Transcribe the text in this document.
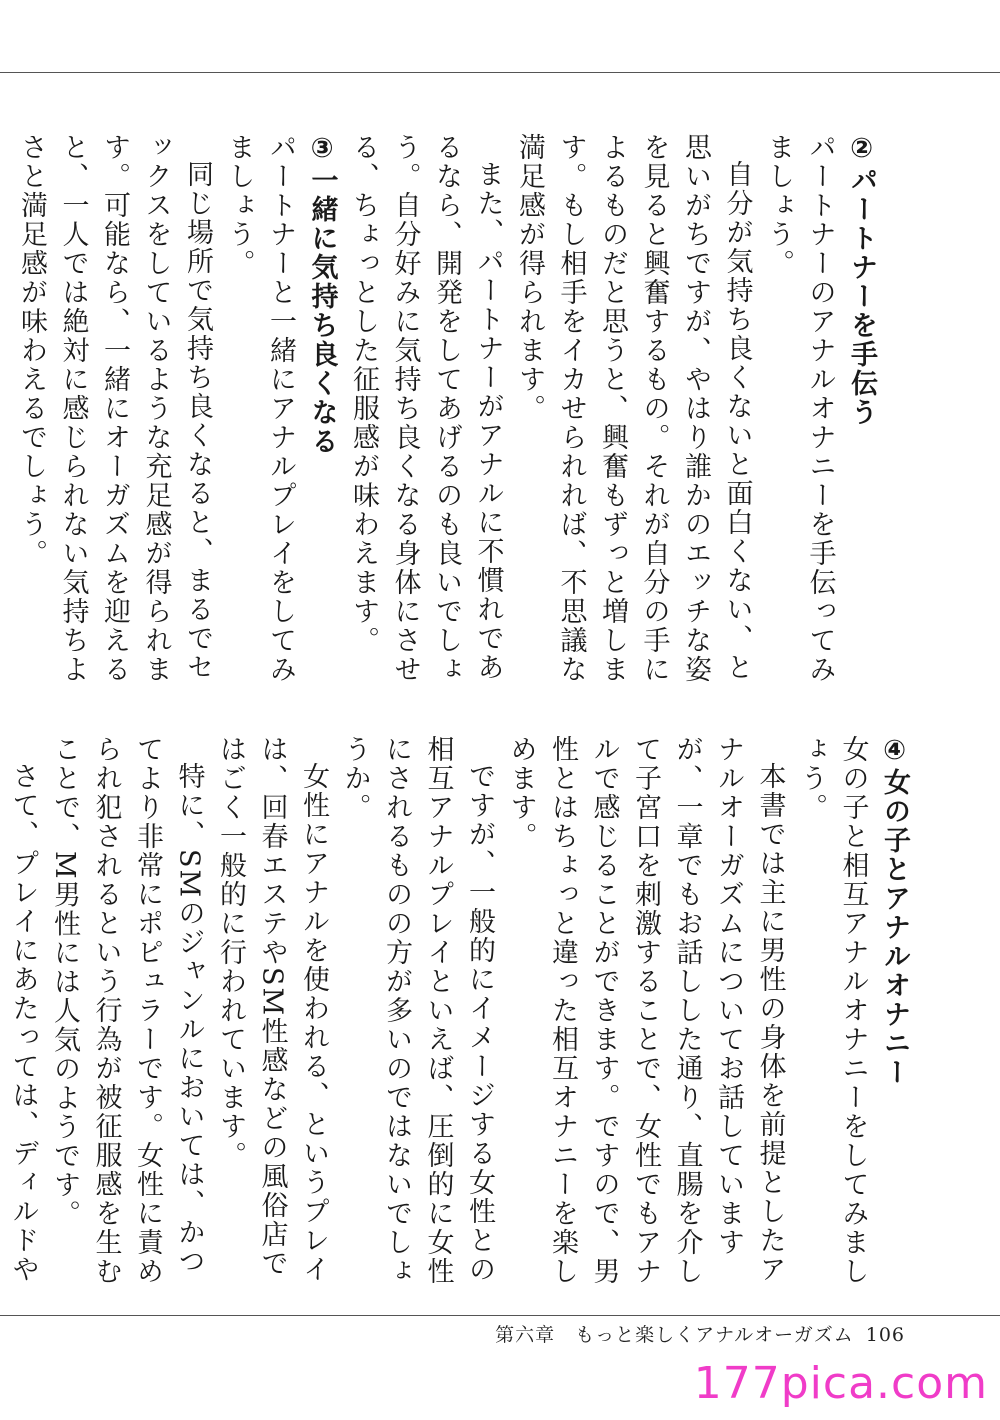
②パートナーを手伝う

パートナーのアナルオナニーを手伝ってみましょう。

自分が気持ち良くないと面白くない、と思いがちですが、やはり誰かのエッチな姿を見ると興奮するもの。それが自分の手によるものだと思うと、興奮もずっと増します。もし相手をイカせられれば、不思議な満足感が得られます。

また、パートナーがアナルに不慣れであるなら、開発をしてあげるのも良いでしょう。自分好みに気持ち良くなる身体にさせる、ちょっとした征服感が味わえます。

③一緒に気持ち良くなる

パートナーと一緒にアナルプレイをしてみましょう。

同じ場所で気持ち良くなると、まるでセックスをしているような充足感が得られます。可能なら、一緒にオーガズムを迎えると、一人では絶対に感じられない気持ちよさと満足感が味わえるでしょう。

④女の子とアナルオナニー

女の子と相互アナルオナニーをしてみましょう。

本書では主に男性の身体を前提としたアナルオーガズムについてお話していますが、一章でもお話しした通り、直腸を介して子宮口を刺激することで、女性でもアナルで感じることができます。ですので、男性とはちょっと違った相互オナニーを楽しめます。

ですが、一般的にイメージする女性との相互アナルプレイといえば、圧倒的に女性にされるものの方が多いのではないでしょうか。

女性にアナルを使われる、というプレイは、回春エステやSM性感などの風俗店ではごく一般的に行われています。

特に、SMのジャンルにおいては、かつてより非常にポピュラーです。女性に責められ犯されるという行為が被征服感を生むことで、M男性には人気のようです。

さて、プレイにあたっては、ディルドや

第六章　もっと楽しくアナルオーガズム 106
177pica.com
